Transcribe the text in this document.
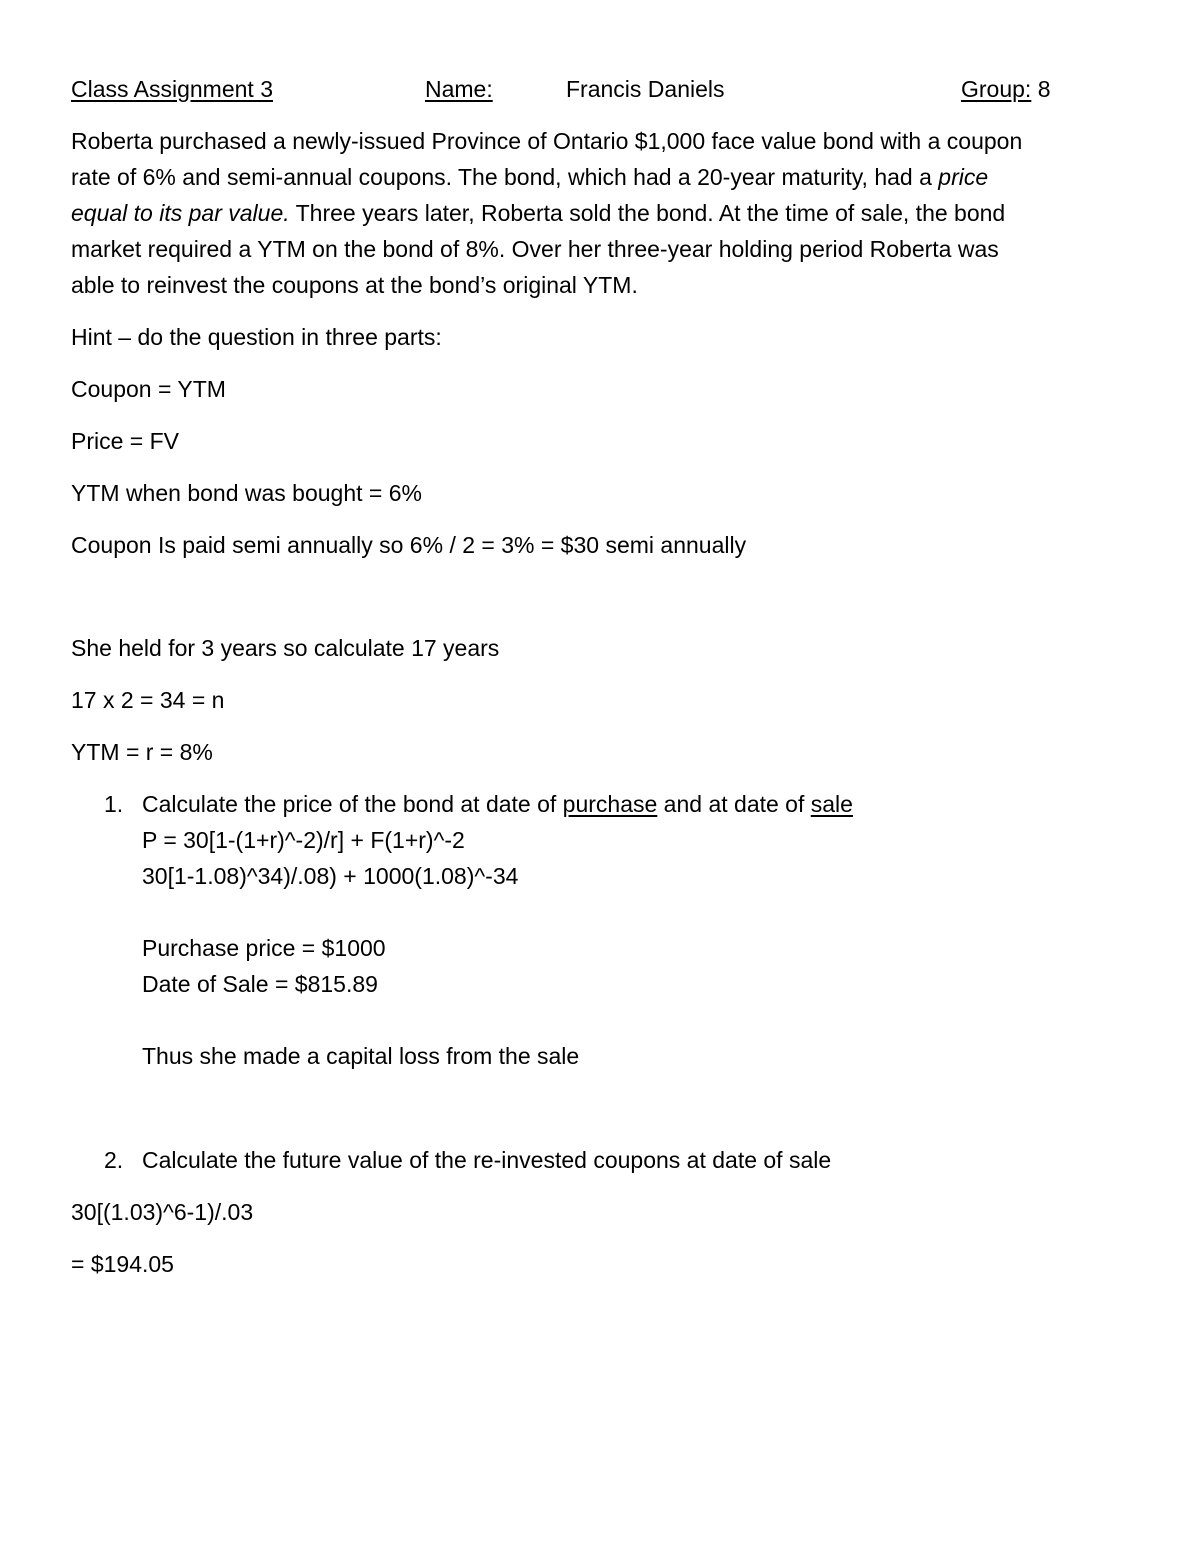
Class Assignment 3	Name:	Francis Daniels	Group: 8
Roberta purchased a newly-issued Province of Ontario $1,000 face value bond with a coupon
rate of 6% and semi-annual coupons. The bond, which had a 20-year maturity, had a price
equal to its par value. Three years later, Roberta sold the bond. At the time of sale, the bond
market required a YTM on the bond of 8%. Over her three-year holding period Roberta was
able to reinvest the coupons at the bond’s original YTM.
Hint – do the question in three parts:
Coupon = YTM
Price = FV
YTM when bond was bought = 6%
Coupon Is paid semi annually so 6% / 2 = 3% = $30 semi annually
She held for 3 years so calculate 17 years
17 x 2 = 34 = n
YTM = r = 8%
1. Calculate the price of the bond at date of purchase and at date of sale
P = 30[1-(1+r)^-2)/r] + F(1+r)^-2
30[1-1.08)^34)/.08) + 1000(1.08)^-34
Purchase price = $1000
Date of Sale = $815.89
Thus she made a capital loss from the sale
2. Calculate the future value of the re-invested coupons at date of sale
30[(1.03)^6-1)/.03
= $194.05
